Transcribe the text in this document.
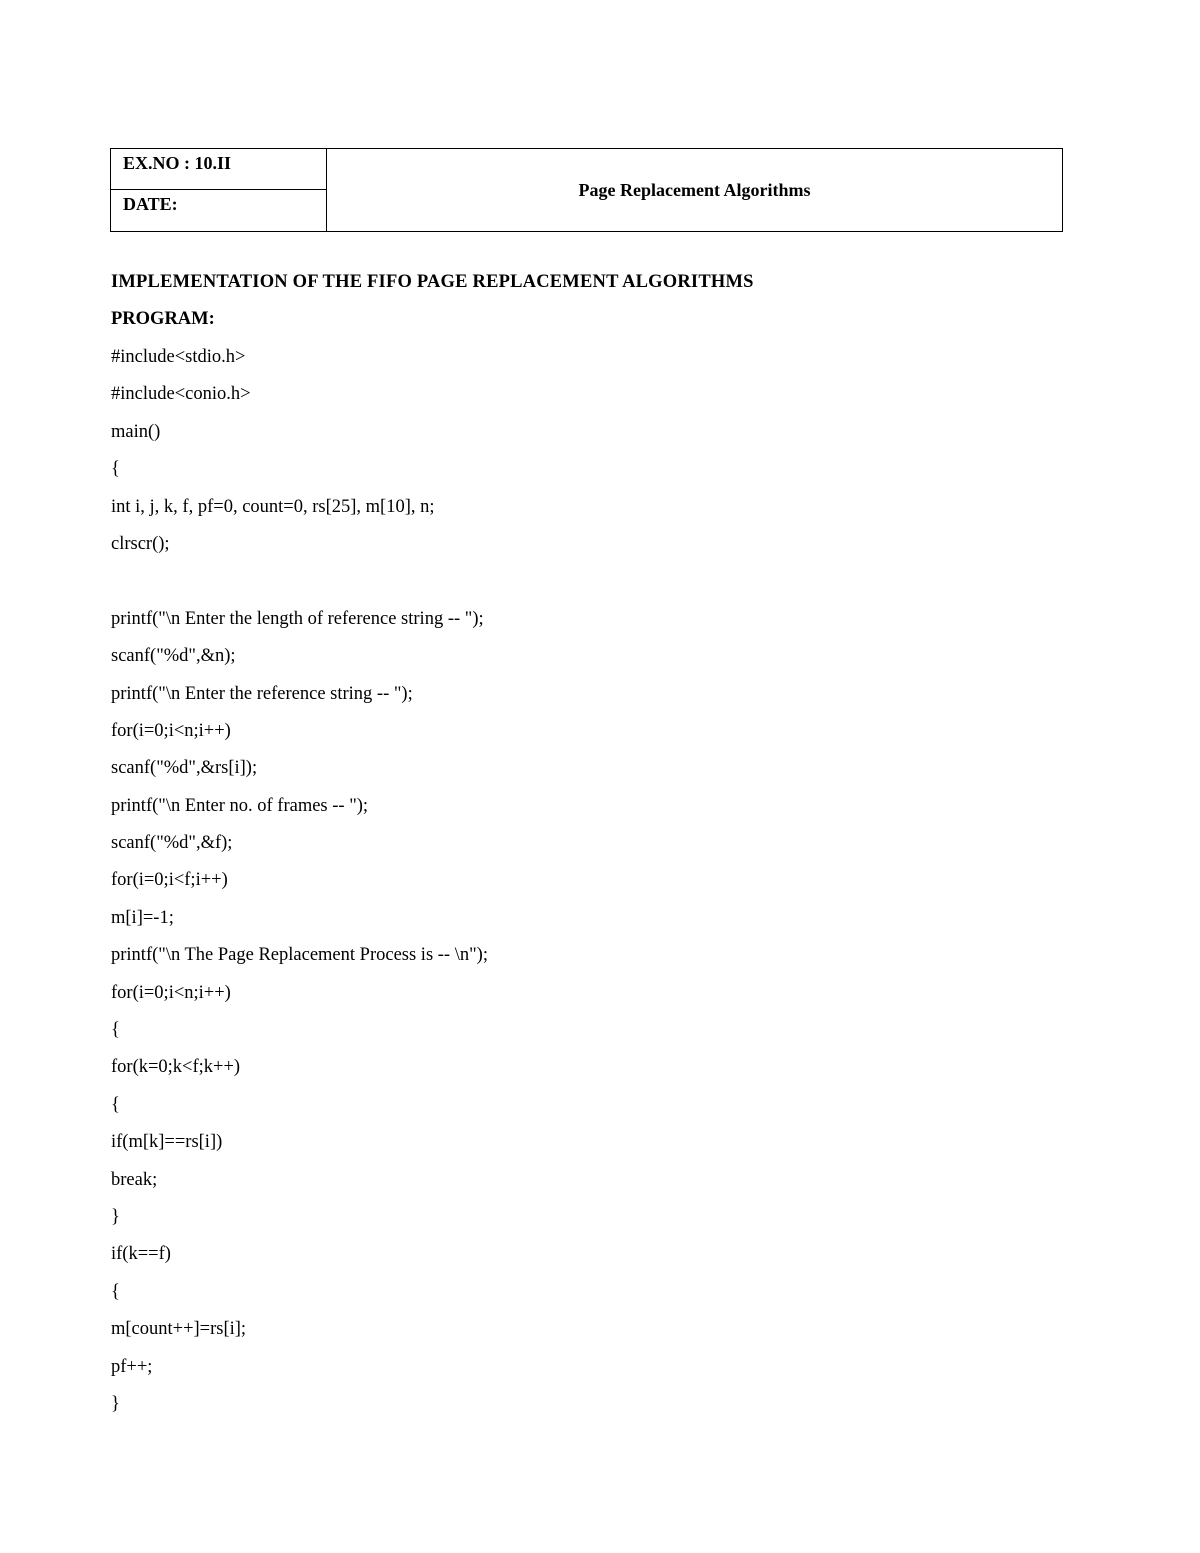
EX.NO : 10.II
DATE:
Page Replacement Algorithms
IMPLEMENTATION OF THE FIFO PAGE REPLACEMENT ALGORITHMS
PROGRAM:
#include<stdio.h>
#include<conio.h>
main()
{
int i, j, k, f, pf=0, count=0, rs[25], m[10], n;
clrscr();
printf("\n Enter the length of reference string -- ");
scanf("%d",&n);
printf("\n Enter the reference string -- ");
for(i=0;i<n;i++)
scanf("%d",&rs[i]);
printf("\n Enter no. of frames -- ");
scanf("%d",&f);
for(i=0;i<f;i++)
m[i]=-1;
printf("\n The Page Replacement Process is -- \n");
for(i=0;i<n;i++)
{
for(k=0;k<f;k++)
{
if(m[k]==rs[i])
break;
}
if(k==f)
{
m[count++]=rs[i];
pf++;
}
